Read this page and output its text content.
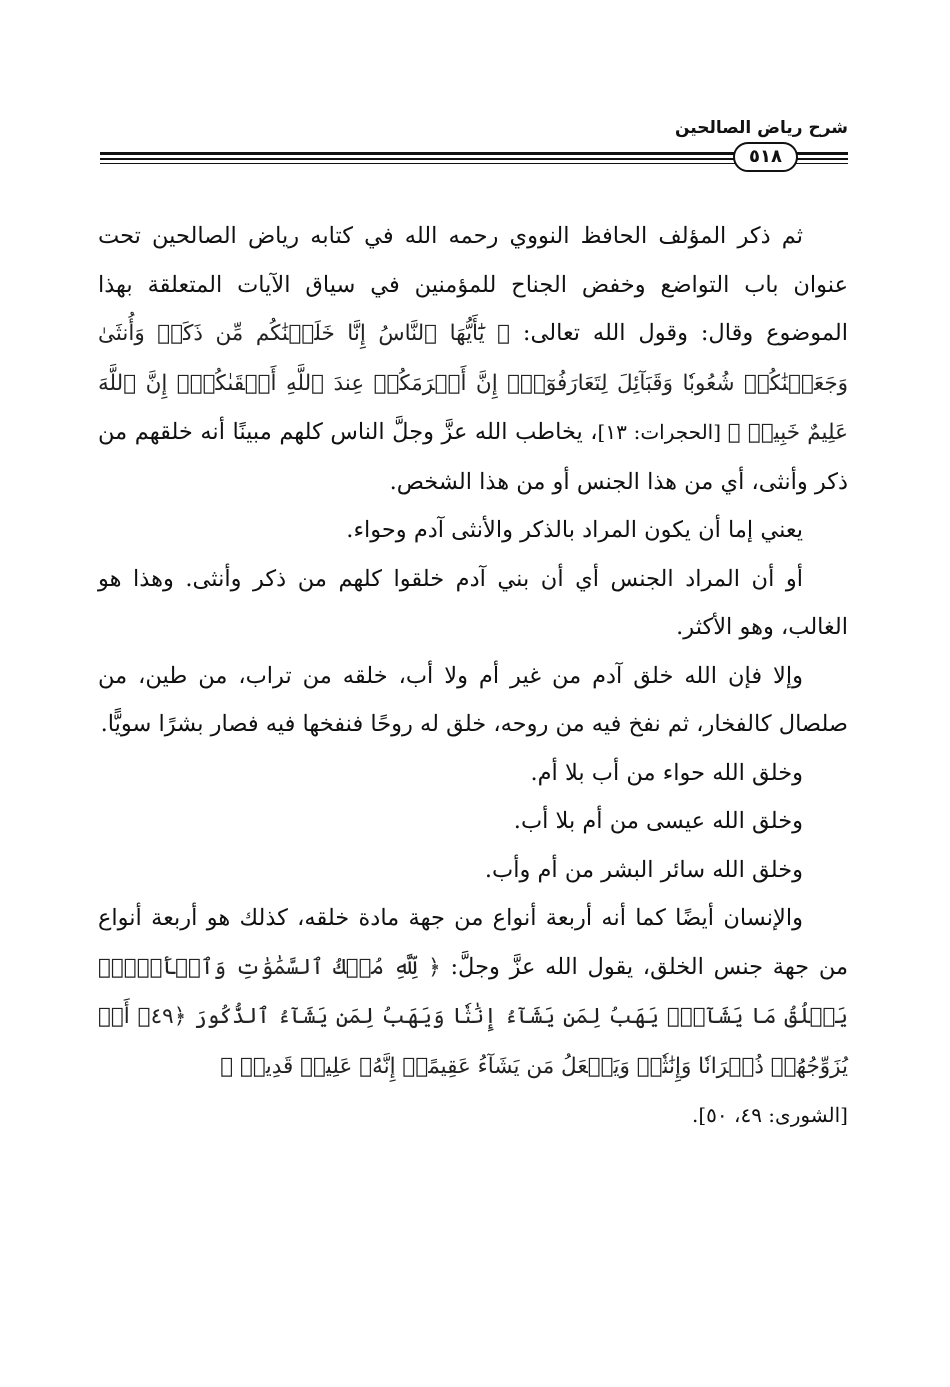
شرح رياض الصالحين
٥١٨

ثم ذكر المؤلف الحافظ النووي رحمه الله في كتابه رياض الصالحين تحت عنوان باب التواضع وخفض الجناح للمؤمنين في سياق الآيات المتعلقة بهذا الموضوع وقال: وقول الله تعالى: ﴿ يَٰٓأَيُّهَا ٱلنَّاسُ إِنَّا خَلَقۡنَٰكُم مِّن ذَكَرٖ وَأُنثَىٰ وَجَعَلۡنَٰكُمۡ شُعُوبٗا وَقَبَآئِلَ لِتَعَارَفُوٓاْۚ إِنَّ أَكۡرَمَكُمۡ عِندَ ٱللَّهِ أَتۡقَىٰكُمۡۚ إِنَّ ٱللَّهَ عَلِيمٌ خَبِيرٞ ﴾ [الحجرات: ١٣]، يخاطب الله عزَّ وجلَّ الناس كلهم مبينًا أنه خلقهم من ذكر وأنثى، أي من هذا الجنس أو من هذا الشخص.

يعني إما أن يكون المراد بالذكر والأنثى آدم وحواء.

أو أن المراد الجنس أي أن بني آدم خلقوا كلهم من ذكر وأنثى. وهذا هو الغالب، وهو الأكثر.

وإلا فإن الله خلق آدم من غير أم ولا أب، خلقه من تراب، من طين، من صلصال كالفخار، ثم نفخ فيه من روحه، خلق له روحًا فنفخها فيه فصار بشرًا سويًّا.

وخلق الله حواء من أب بلا أم.

وخلق الله عيسى من أم بلا أب.

وخلق الله سائر البشر من أم وأب.

والإنسان أيضًا كما أنه أربعة أنواع من جهة مادة خلقه، كذلك هو أربعة أنواع من جهة جنس الخلق، يقول الله عزَّ وجلَّ: ﴿ لِّلَّهِ مُلۡكُ ٱلسَّمَٰوَٰتِ وَٱلۡأَرۡضِۚ يَخۡلُقُ مَا يَشَآءُۚ يَهَبُ لِمَن يَشَآءُ إِنَٰثٗا وَيَهَبُ لِمَن يَشَآءُ ٱلذُّكُورَ ﴿٤٩﴾ أَوۡ يُزَوِّجُهُمۡ ذُكۡرَانٗا وَإِنَٰثٗاۖ وَيَجۡعَلُ مَن يَشَآءُ عَقِيمًاۚ إِنَّهُۥ عَلِيمٞ قَدِيرٞ ﴾

[الشورى: ٤٩، ٥٠].
